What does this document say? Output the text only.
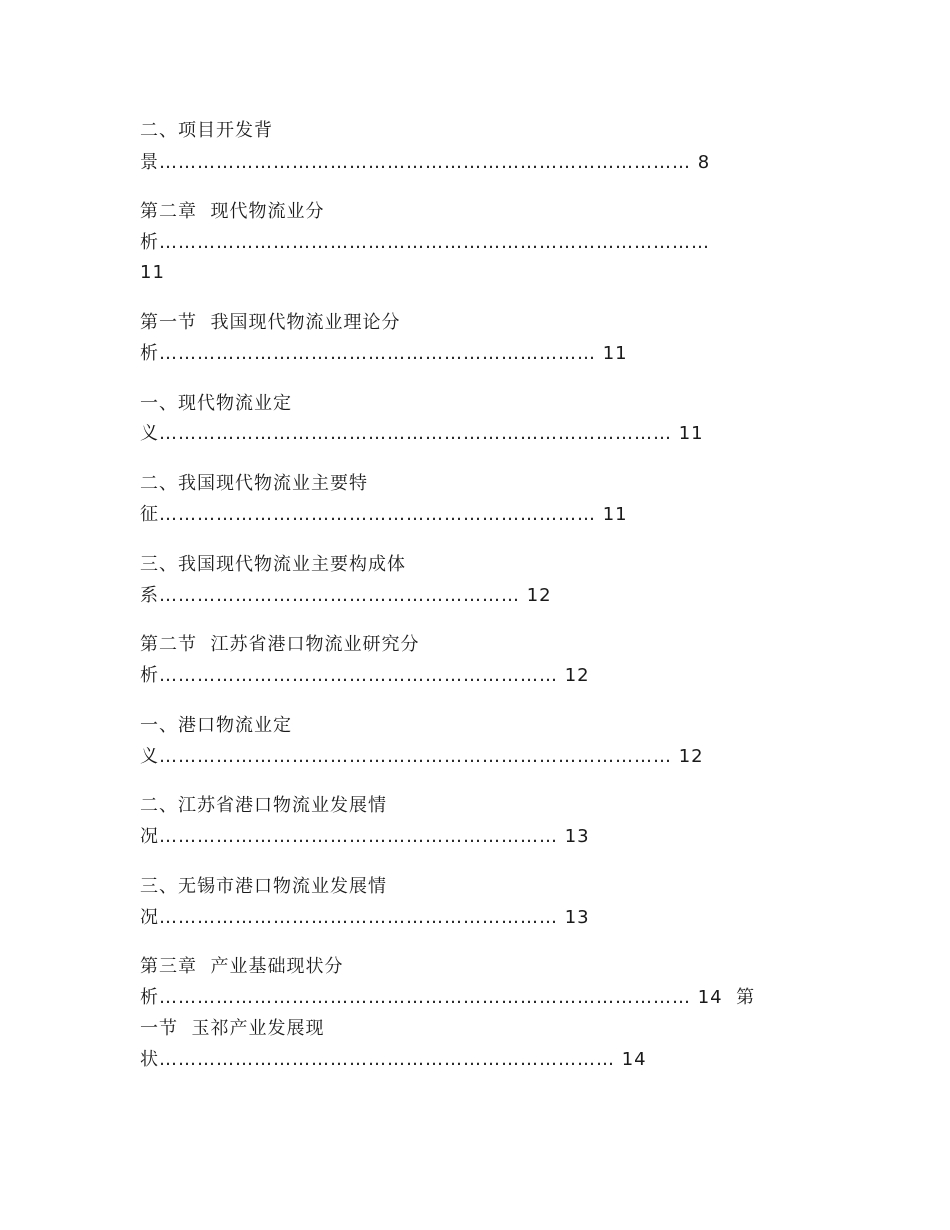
二、项目开发背
景………………………………………………………………………… 8
第二章  现代物流业分
析……………………………………………………………………………
11
第一节  我国现代物流业理论分
析…………………………………………………………… 11
一、现代物流业定
义……………………………………………………………………… 11
二、我国现代物流业主要特
征…………………………………………………………… 11
三、我国现代物流业主要构成体
系………………………………………………… 12
第二节  江苏省港口物流业研究分
析……………………………………………………… 12
一、港口物流业定
义……………………………………………………………………… 12
二、江苏省港口物流业发展情
况……………………………………………………… 13
三、无锡市港口物流业发展情
况……………………………………………………… 13
第三章  产业基础现状分
析………………………………………………………………………… 14  第
一节  玉祁产业发展现
状……………………………………………………………… 14
